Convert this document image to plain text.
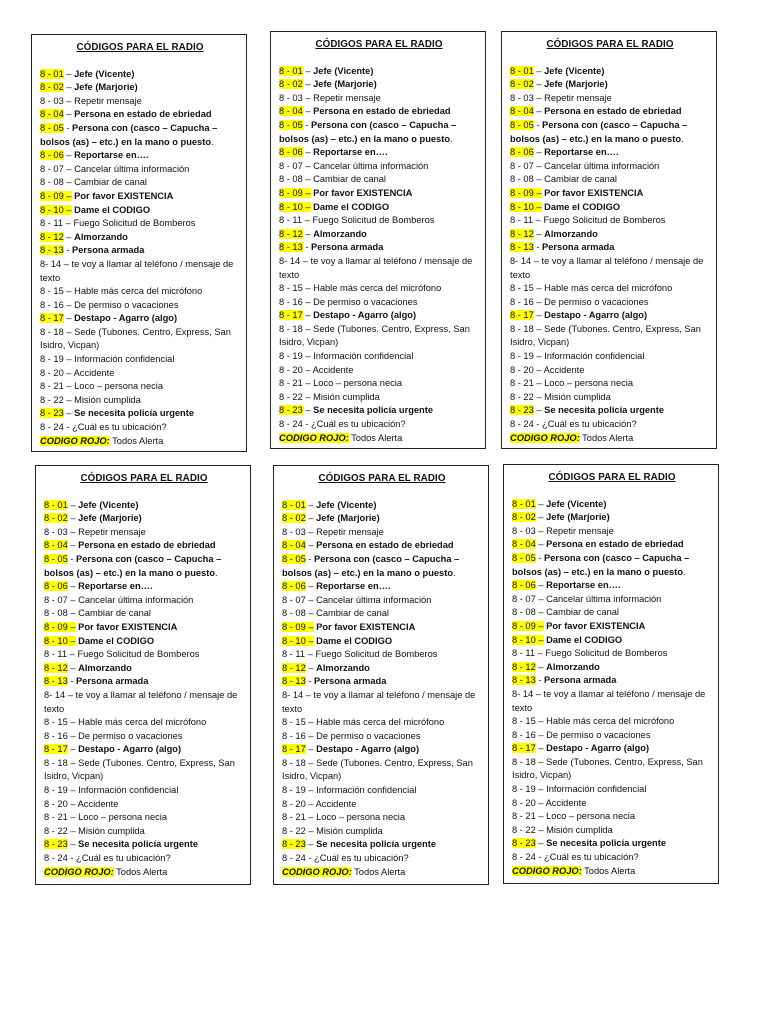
CÓDIGOS PARA EL RADIO
8 - 01 – Jefe (Vicente)
8 - 02 – Jefe (Marjorie)
8 - 03 – Repetir mensaje
8 - 04 – Persona en estado de ebriedad
8 - 05 - Persona con (casco – Capucha – bolsos (as) – etc.) en la mano o puesto.
8 - 06 – Reportarse en….
8 - 07 – Cancelar última información
8 - 08 – Cambiar de canal
8 - 09 – Por favor EXISTENCIA
8 - 10 – Dame el CODIGO
8 - 11 – Fuego Solicitud de Bomberos
8 - 12 – Almorzando
8 - 13 - Persona armada
8- 14 – te voy a llamar al teléfono / mensaje de texto
8 - 15 – Hable más cerca del micrófono
8 - 16 – De permiso o vacaciones
8 - 17 – Destapo - Agarro (algo)
8 - 18 – Sede (Tubones. Centro, Express, San Isidro, Vicpan)
8 - 19 – Información confidencial
8 - 20 – Accidente
8 - 21 – Loco – persona necia
8 - 22 – Misión cumplida
8 - 23 – Se necesita policía urgente
8 - 24 - ¿Cuál es tu ubicación?
CODIGO ROJO: Todos Alerta
CÓDIGOS PARA EL RADIO
8 - 01 – Jefe (Vicente)
8 - 02 – Jefe (Marjorie)
8 - 03 – Repetir mensaje
8 - 04 – Persona en estado de ebriedad
8 - 05 - Persona con (casco – Capucha – bolsos (as) – etc.) en la mano o puesto.
8 - 06 – Reportarse en….
8 - 07 – Cancelar última información
8 - 08 – Cambiar de canal
8 - 09 – Por favor EXISTENCIA
8 - 10 – Dame el CODIGO
8 - 11 – Fuego Solicitud de Bomberos
8 - 12 – Almorzando
8 - 13 - Persona armada
8- 14 – te voy a llamar al teléfono / mensaje de texto
8 - 15 – Hable más cerca del micrófono
8 - 16 – De permiso o vacaciones
8 - 17 – Destapo - Agarro (algo)
8 - 18 – Sede (Tubones. Centro, Express, San Isidro, Vicpan)
8 - 19 – Información confidencial
8 - 20 – Accidente
8 - 21 – Loco – persona necia
8 - 22 – Misión cumplida
8 - 23 – Se necesita policía urgente
8 - 24 - ¿Cuál es tu ubicación?
CODIGO ROJO: Todos Alerta
CÓDIGOS PARA EL RADIO
8 - 01 – Jefe (Vicente)
8 - 02 – Jefe (Marjorie)
8 - 03 – Repetir mensaje
8 - 04 – Persona en estado de ebriedad
8 - 05 - Persona con (casco – Capucha – bolsos (as) – etc.) en la mano o puesto.
8 - 06 – Reportarse en….
8 - 07 – Cancelar última información
8 - 08 – Cambiar de canal
8 - 09 – Por favor EXISTENCIA
8 - 10 – Dame el CODIGO
8 - 11 – Fuego Solicitud de Bomberos
8 - 12 – Almorzando
8 - 13 - Persona armada
8- 14 – te voy a llamar al teléfono / mensaje de texto
8 - 15 – Hable más cerca del micrófono
8 - 16 – De permiso o vacaciones
8 - 17 – Destapo - Agarro (algo)
8 - 18 – Sede (Tubones. Centro, Express, San Isidro, Vicpan)
8 - 19 – Información confidencial
8 - 20 – Accidente
8 - 21 – Loco – persona necia
8 - 22 – Misión cumplida
8 - 23 – Se necesita policía urgente
8 - 24 - ¿Cuál es tu ubicación?
CODIGO ROJO: Todos Alerta
CÓDIGOS PARA EL RADIO
8 - 01 – Jefe (Vicente)
8 - 02 – Jefe (Marjorie)
8 - 03 – Repetir mensaje
8 - 04 – Persona en estado de ebriedad
8 - 05 - Persona con (casco – Capucha – bolsos (as) – etc.) en la mano o puesto.
8 - 06 – Reportarse en….
8 - 07 – Cancelar última información
8 - 08 – Cambiar de canal
8 - 09 – Por favor EXISTENCIA
8 - 10 – Dame el CODIGO
8 - 11 – Fuego Solicitud de Bomberos
8 - 12 – Almorzando
8 - 13 - Persona armada
8- 14 – te voy a llamar al teléfono / mensaje de texto
8 - 15 – Hable más cerca del micrófono
8 - 16 – De permiso o vacaciones
8 - 17 – Destapo - Agarro (algo)
8 - 18 – Sede (Tubones. Centro, Express, San Isidro, Vicpan)
8 - 19 – Información confidencial
8 - 20 – Accidente
8 - 21 – Loco – persona necia
8 - 22 – Misión cumplida
8 - 23 – Se necesita policía urgente
8 - 24 - ¿Cuál es tu ubicación?
CODIGO ROJO: Todos Alerta
CÓDIGOS PARA EL RADIO
8 - 01 – Jefe (Vicente)
8 - 02 – Jefe (Marjorie)
8 - 03 – Repetir mensaje
8 - 04 – Persona en estado de ebriedad
8 - 05 - Persona con (casco – Capucha – bolsos (as) – etc.) en la mano o puesto.
8 - 06 – Reportarse en….
8 - 07 – Cancelar última información
8 - 08 – Cambiar de canal
8 - 09 – Por favor EXISTENCIA
8 - 10 – Dame el CODIGO
8 - 11 – Fuego Solicitud de Bomberos
8 - 12 – Almorzando
8 - 13 - Persona armada
8- 14 – te voy a llamar al teléfono / mensaje de texto
8 - 15 – Hable más cerca del micrófono
8 - 16 – De permiso o vacaciones
8 - 17 – Destapo - Agarro (algo)
8 - 18 – Sede (Tubones. Centro, Express, San Isidro, Vicpan)
8 - 19 – Información confidencial
8 - 20 – Accidente
8 - 21 – Loco – persona necia
8 - 22 – Misión cumplida
8 - 23 – Se necesita policía urgente
8 - 24 - ¿Cuál es tu ubicación?
CODIGO ROJO: Todos Alerta
CÓDIGOS PARA EL RADIO
8 - 01 – Jefe (Vicente)
8 - 02 – Jefe (Marjorie)
8 - 03 – Repetir mensaje
8 - 04 – Persona en estado de ebriedad
8 - 05 - Persona con (casco – Capucha – bolsos (as) – etc.) en la mano o puesto.
8 - 06 – Reportarse en….
8 - 07 – Cancelar última información
8 - 08 – Cambiar de canal
8 - 09 – Por favor EXISTENCIA
8 - 10 – Dame el CODIGO
8 - 11 – Fuego Solicitud de Bomberos
8 - 12 – Almorzando
8 - 13 - Persona armada
8- 14 – te voy a llamar al teléfono / mensaje de texto
8 - 15 – Hable más cerca del micrófono
8 - 16 – De permiso o vacaciones
8 - 17 – Destapo - Agarro (algo)
8 - 18 – Sede (Tubones. Centro, Express, San Isidro, Vicpan)
8 - 19 – Información confidencial
8 - 20 – Accidente
8 - 21 – Loco – persona necia
8 - 22 – Misión cumplida
8 - 23 – Se necesita policía urgente
8 - 24 - ¿Cuál es tu ubicación?
CODIGO ROJO: Todos Alerta
